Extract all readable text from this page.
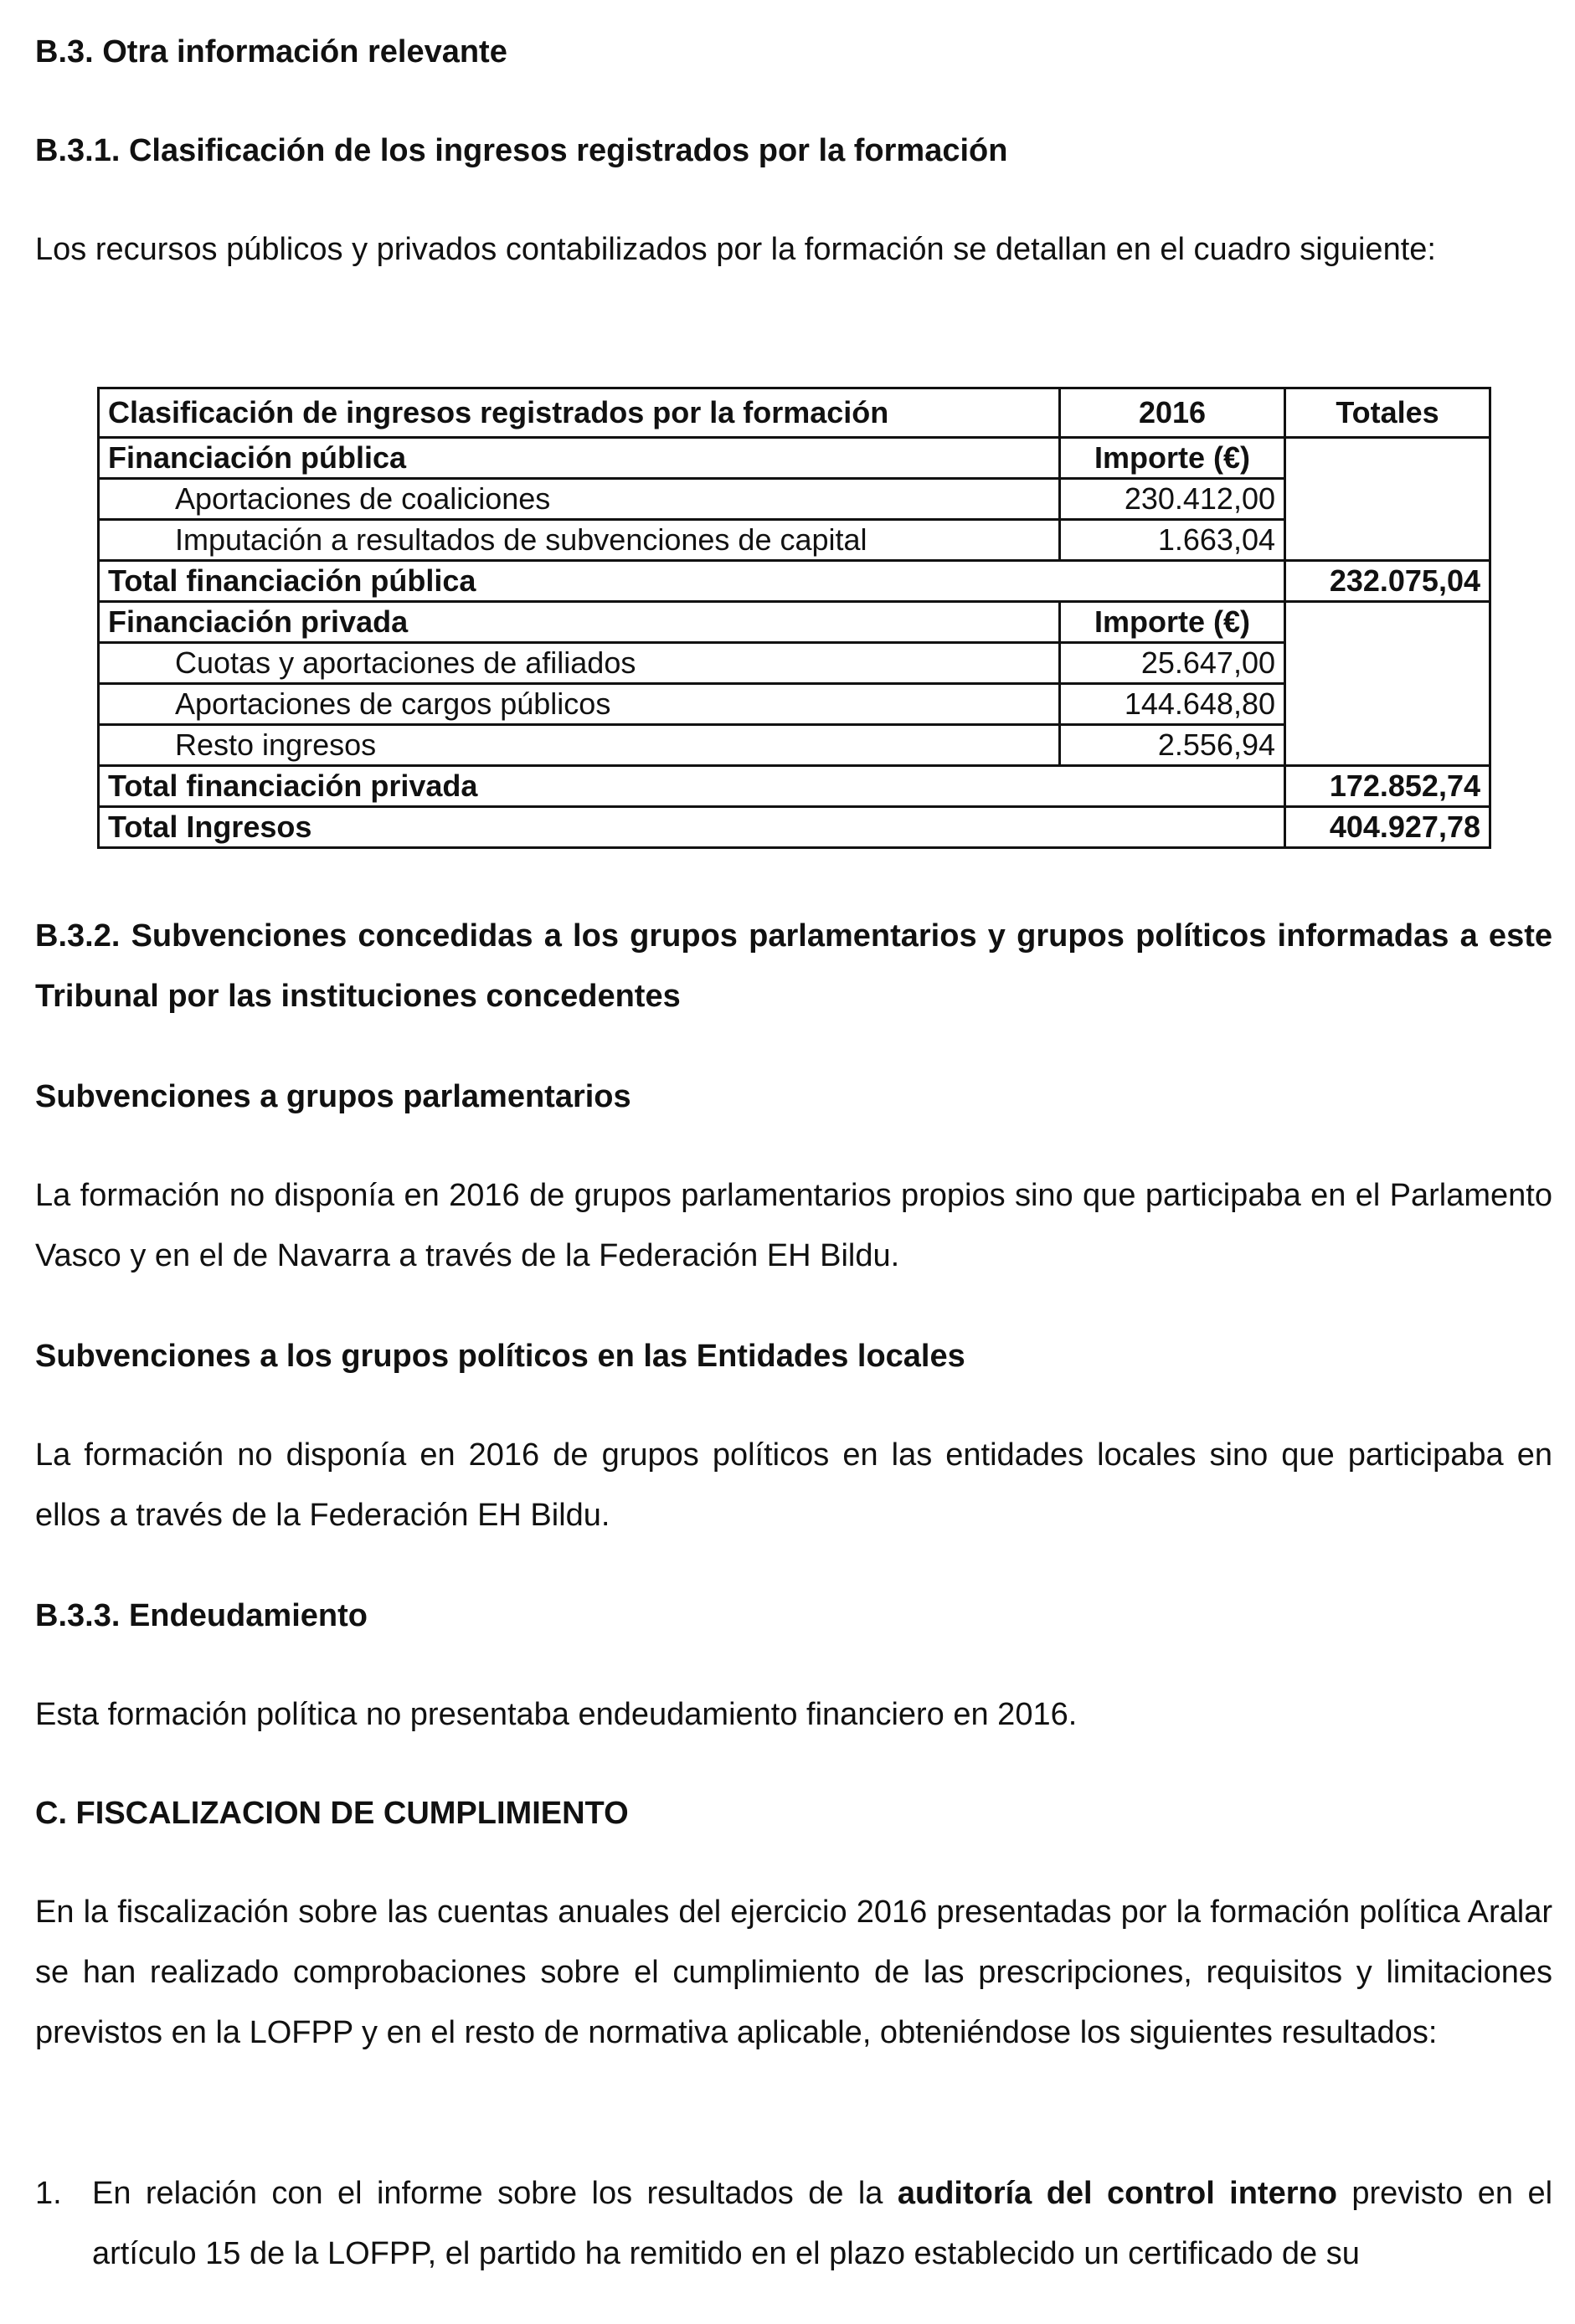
B.3. Otra información relevante

B.3.1. Clasificación de los ingresos registrados por la formación

Los recursos públicos y privados contabilizados por la formación se detallan en el cuadro siguiente:

Clasificación de ingresos registrados por la formación	2016	Totales
Financiación pública	Importe (€)	
Aportaciones de coaliciones	230.412,00	
Imputación a resultados de subvenciones de capital	1.663,04	
Total financiación pública		232.075,04
Financiación privada	Importe (€)	
Cuotas y aportaciones de afiliados	25.647,00	
Aportaciones de cargos públicos	144.648,80	
Resto ingresos	2.556,94	
Total financiación privada		172.852,74
Total Ingresos		404.927,78

B.3.2. Subvenciones concedidas a los grupos parlamentarios y grupos políticos informadas a este Tribunal por las instituciones concedentes

Subvenciones a grupos parlamentarios

La formación no disponía en 2016 de grupos parlamentarios propios sino que participaba en el Parlamento Vasco y en el de Navarra a través de la Federación EH Bildu.

Subvenciones a los grupos políticos en las Entidades locales

La formación no disponía en 2016 de grupos políticos en las entidades locales sino que participaba en ellos a través de la Federación EH Bildu.

B.3.3. Endeudamiento

Esta formación política no presentaba endeudamiento financiero en 2016.

C. FISCALIZACION DE CUMPLIMIENTO

En la fiscalización sobre las cuentas anuales del ejercicio 2016 presentadas por la formación política Aralar se han realizado comprobaciones sobre el cumplimiento de las prescripciones, requisitos y limitaciones previstos en la LOFPP y en el resto de normativa aplicable, obteniéndose los siguientes resultados:

1. En relación con el informe sobre los resultados de la auditoría del control interno previsto en el artículo 15 de la LOFPP, el partido ha remitido en el plazo establecido un certificado de su
